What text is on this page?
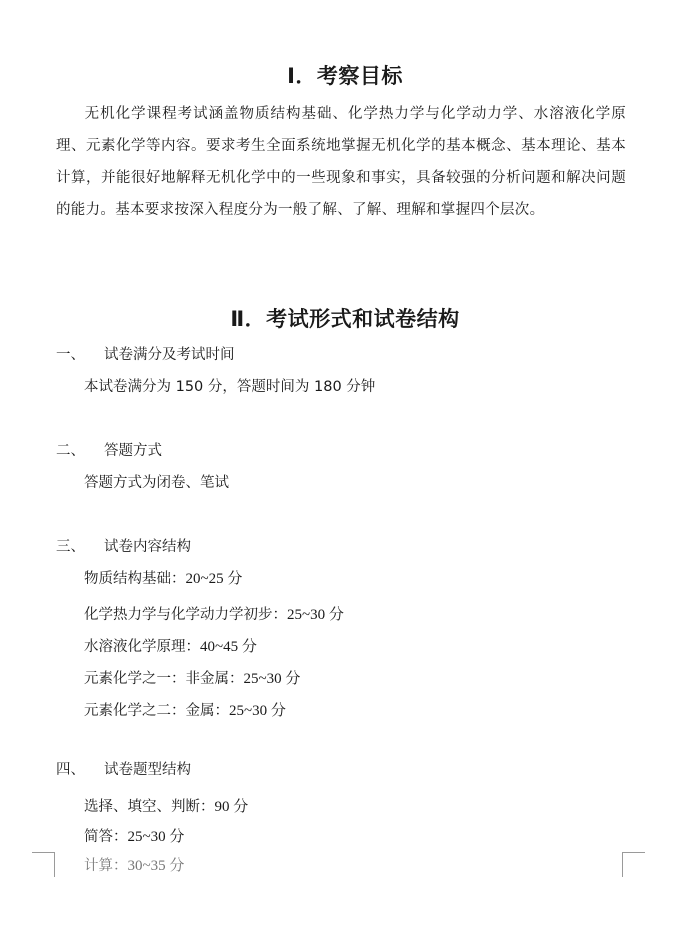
Ⅰ．考察目标
无机化学课程考试涵盖物质结构基础、化学热力学与化学动力学、水溶液化学原理、元素化学等内容。要求考生全面系统地掌握无机化学的基本概念、基本理论、基本计算，并能很好地解释无机化学中的一些现象和事实，具备较强的分析问题和解决问题的能力。基本要求按深入程度分为一般了解、了解、理解和掌握四个层次。
Ⅱ．考试形式和试卷结构
一、 试卷满分及考试时间
本试卷满分为 150 分，答题时间为 180 分钟
二、 答题方式
答题方式为闭卷、笔试
三、 试卷内容结构
物质结构基础：20~25 分
化学热力学与化学动力学初步：25~30 分
水溶液化学原理：40~45 分
元素化学之一：非金属：25~30 分
元素化学之二：金属：25~30 分
四、 试卷题型结构
选择、填空、判断：90 分
简答：25~30 分
计算：30~35 分
